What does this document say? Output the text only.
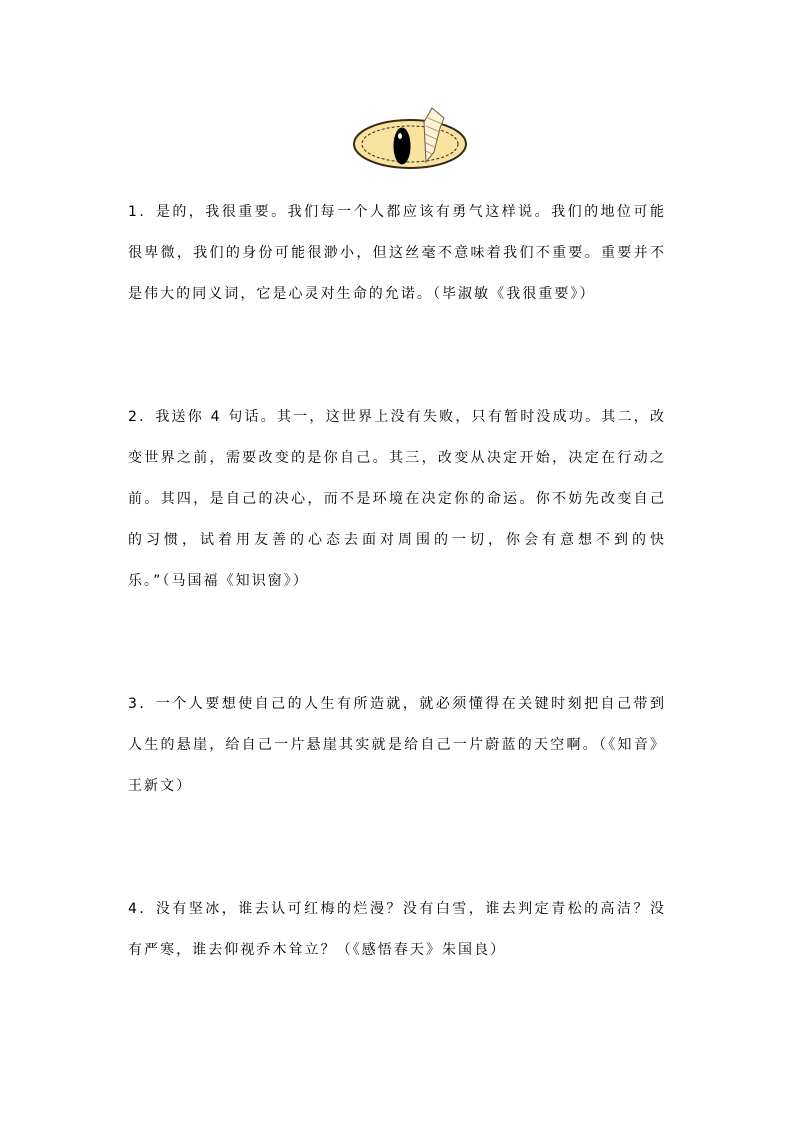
1．是的，我很重要。我们每一个人都应该有勇气这样说。我们的地位可能很卑微，我们的身份可能很渺小，但这丝毫不意味着我们不重要。重要并不是伟大的同义词，它是心灵对生命的允诺。（毕淑敏《我很重要》）

2．我送你 4 句话。其一，这世界上没有失败，只有暂时没成功。其二，改变世界之前，需要改变的是你自己。其三，改变从决定开始，决定在行动之前。其四，是自己的决心，而不是环境在决定你的命运。你不妨先改变自己的习惯，试着用友善的心态去面对周围的一切，你会有意想不到的快乐。”（马国福《知识窗》）

3．一个人要想使自己的人生有所造就，就必须懂得在关键时刻把自己带到人生的悬崖，给自己一片悬崖其实就是给自己一片蔚蓝的天空啊。（《知音》王新文）

4．没有坚冰，谁去认可红梅的烂漫？没有白雪，谁去判定青松的高洁？没有严寒，谁去仰视乔木耸立？（《感悟春天》朱国良）
